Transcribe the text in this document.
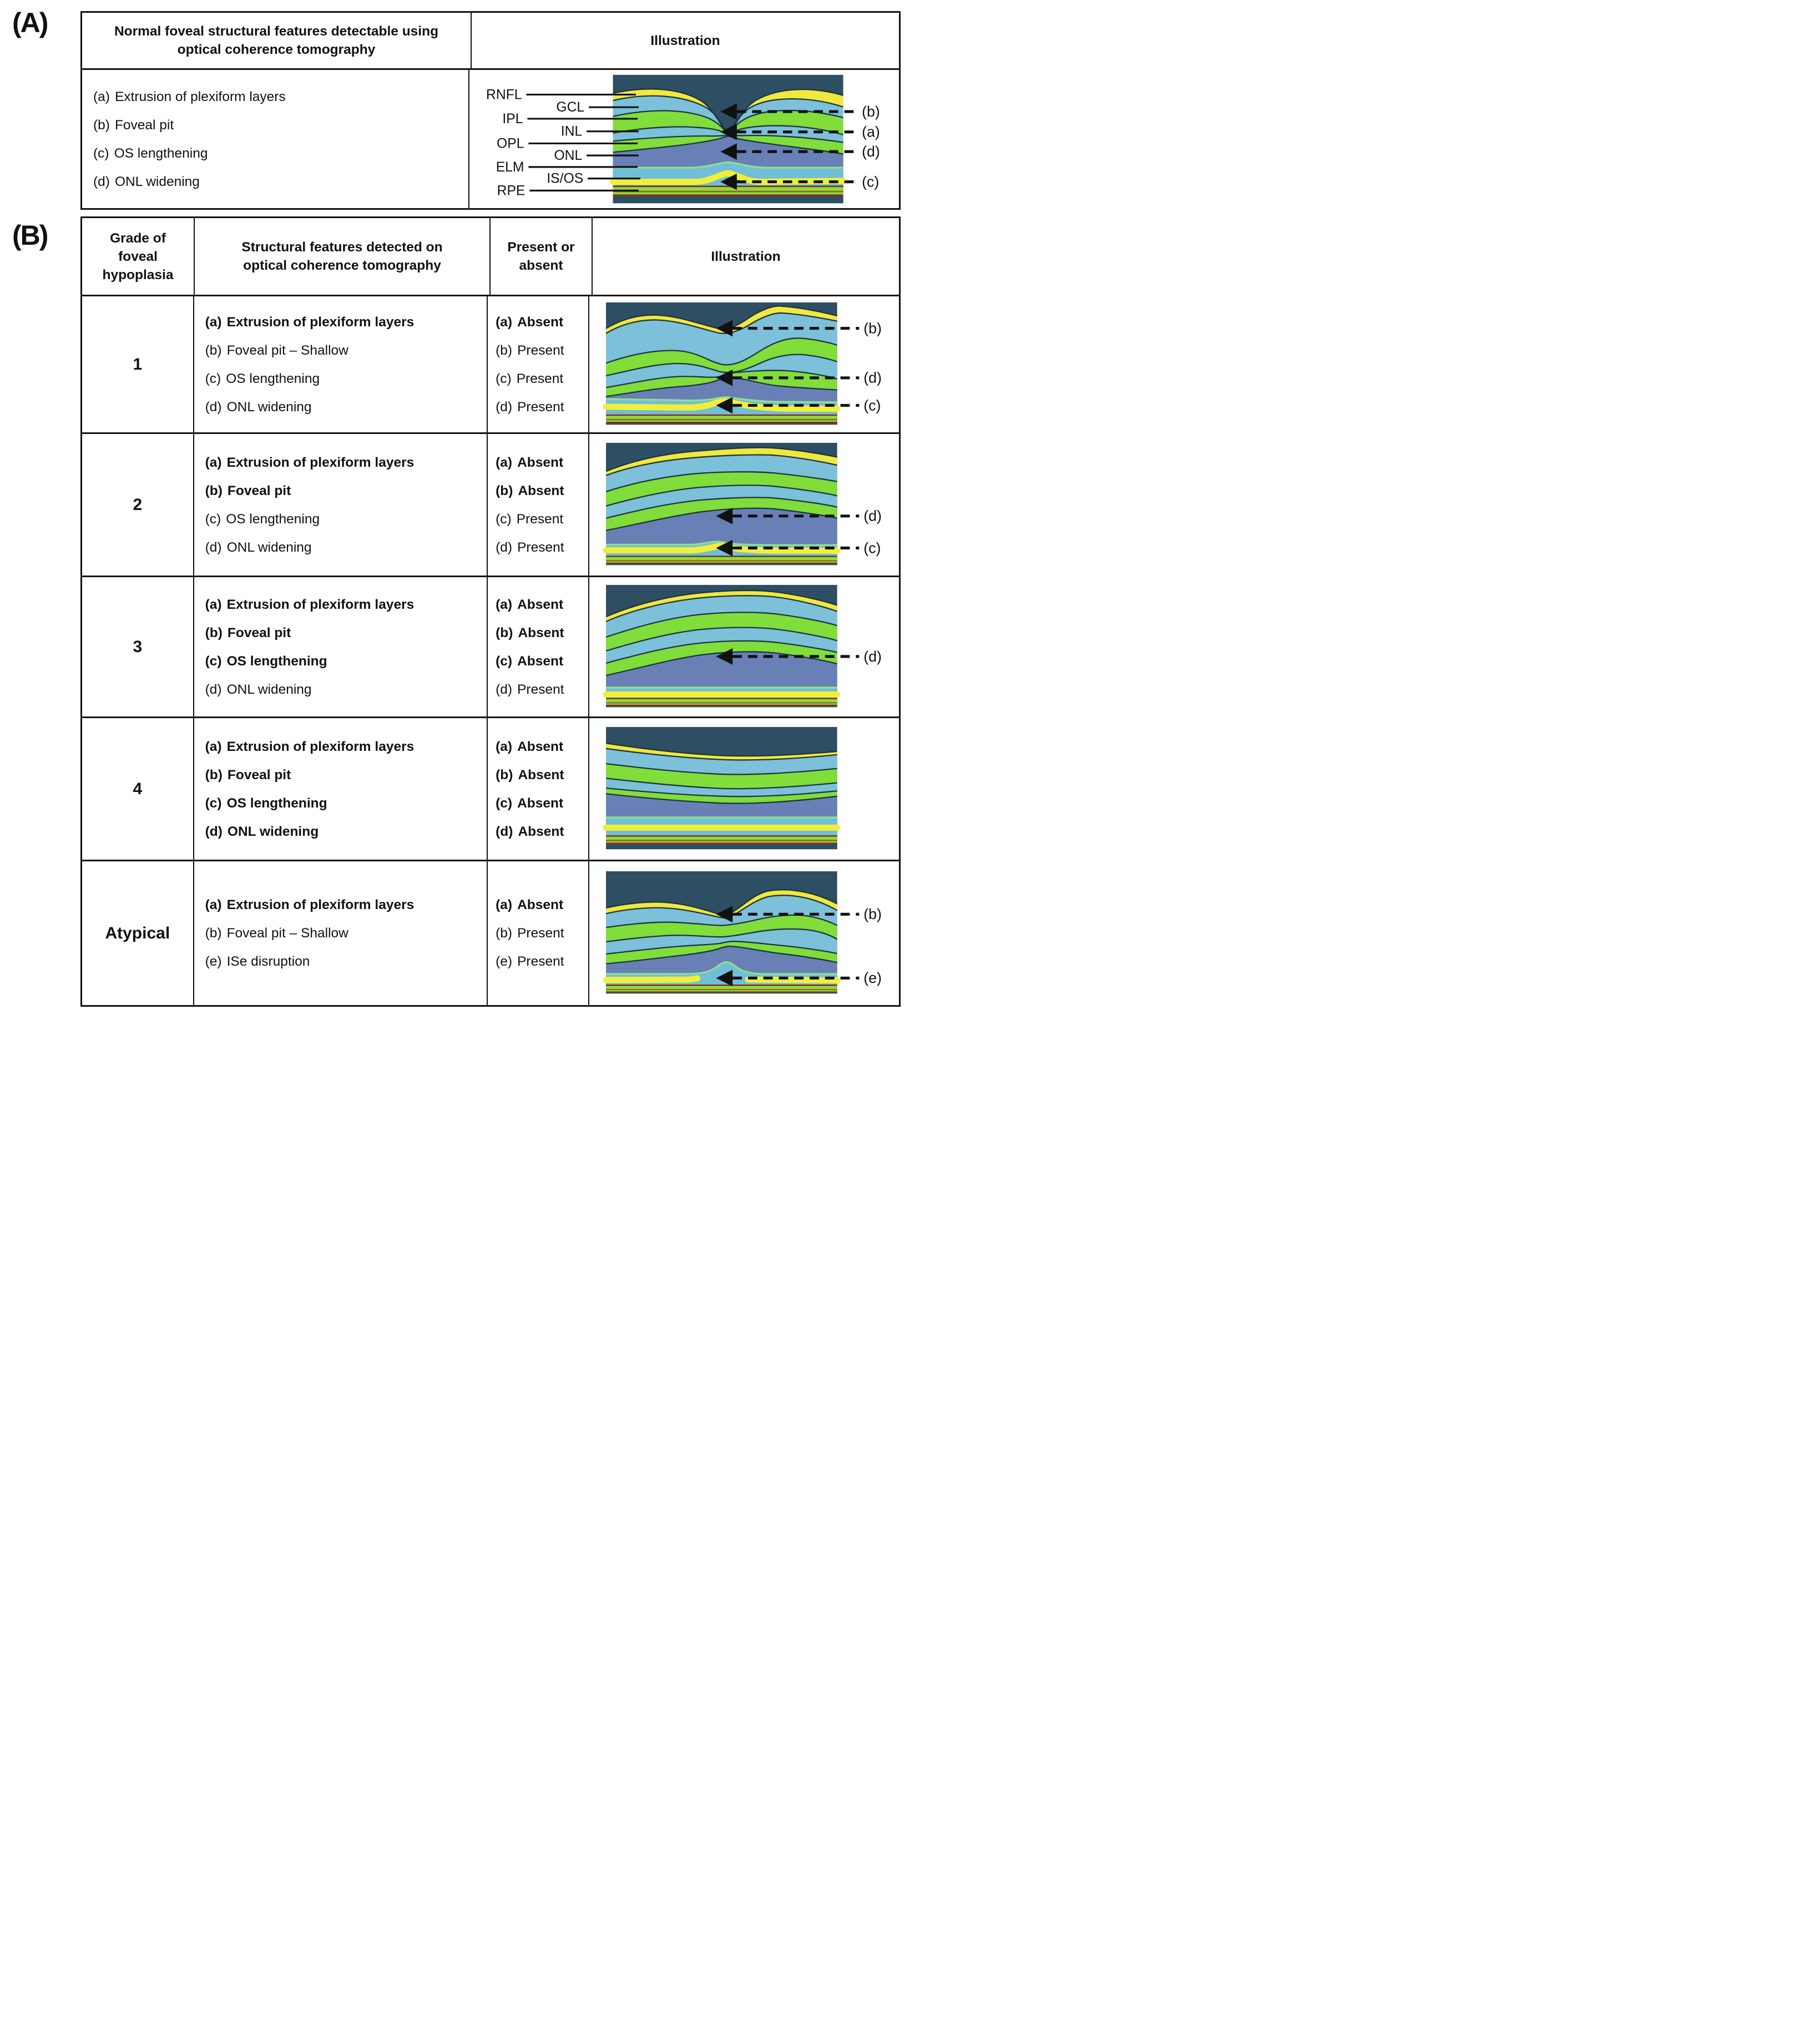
(A)	Normal foveal structural features detectable using optical coherence tomography
Illustration
(a) Extrusion of plexiform layers
(b) Foveal pit
(c) OS lengthening
(d) ONL widening
RNFL
GCL
IPL
INL
OPL
ONL
ELM
IS/OS
RPE
(b)
(a)
(d)
(c)
(B)	Grade of foveal hypoplasia
Structural features detected on optical coherence tomography
Present or absent
Illustration
1
(a) Extrusion of plexiform layers
(b) Foveal pit – Shallow
(c) OS lengthening
(d) ONL widening
(a) Absent
(b) Present
(c) Present
(d) Present
(b)
(d)
(c)
2
(a) Extrusion of plexiform layers
(b) Foveal pit
(c) OS lengthening
(d) ONL widening
(a) Absent
(b) Absent
(c) Present
(d) Present
(d)
(c)
3
(a) Extrusion of plexiform layers
(b) Foveal pit
(c) OS lengthening
(d) ONL widening
(a) Absent
(b) Absent
(c) Absent
(d) Present
(d)
4
(a) Extrusion of plexiform layers
(b) Foveal pit
(c) OS lengthening
(d) ONL widening
(a) Absent
(b) Absent
(c) Absent
(d) Absent
Atypical
(a) Extrusion of plexiform layers
(b) Foveal pit – Shallow
(e) ISe disruption
(a) Absent
(b) Present
(e) Present
(b)
(e)
